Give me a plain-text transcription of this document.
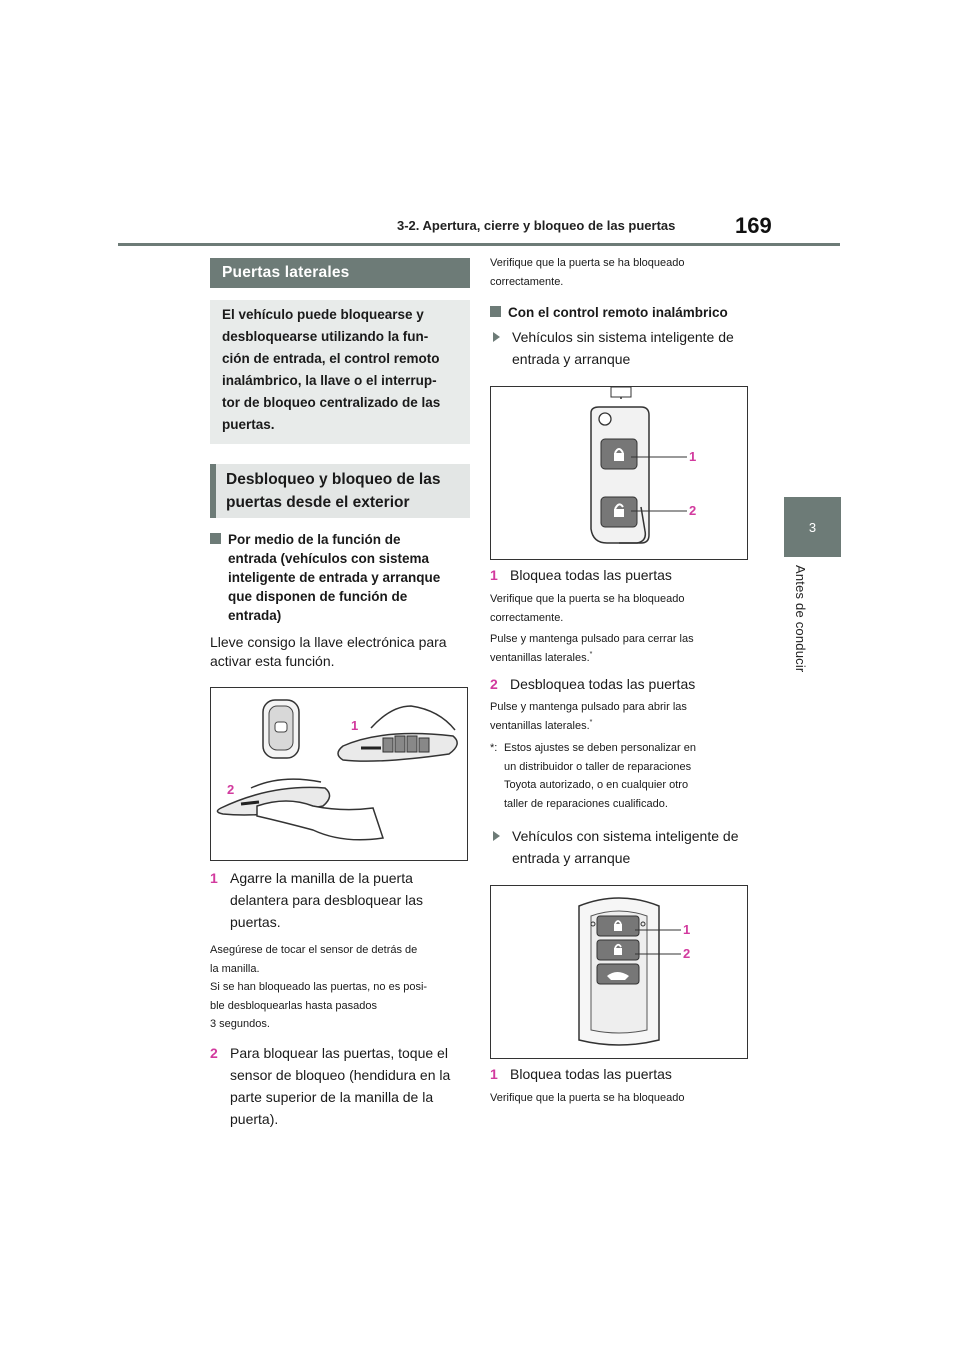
3-2. Apertura, cierre y bloqueo de las puertas	169
3
Antes de conducir
Puertas laterales
El vehículo puede bloquearse y
desbloquearse utilizando la fun-
ción de entrada, el control remoto
inalámbrico, la llave o el interrup-
tor de bloqueo centralizado de las
puertas.
Desbloqueo y bloqueo de las
puertas desde el exterior
Por medio de la función de
entrada (vehículos con sistema
inteligente de entrada y arranque
que disponen de función de
entrada)
Lleve consigo la llave electrónica para
activar esta función.
1
2
1 Agarre la manilla de la puerta
delantera para desbloquear las
puertas.
Asegúrese de tocar el sensor de detrás de
la manilla.
Si se han bloqueado las puertas, no es posi-
ble desbloquearlas hasta pasados
3 segundos.
2 Para bloquear las puertas, toque el
sensor de bloqueo (hendidura en la
parte superior de la manilla de la
puerta).
Verifique que la puerta se ha bloqueado
correctamente.
Con el control remoto inalámbrico
Vehículos sin sistema inteligente de
entrada y arranque
1
2
1 Bloquea todas las puertas
Verifique que la puerta se ha bloqueado
correctamente.
Pulse y mantenga pulsado para cerrar las
ventanillas laterales.*
2 Desbloquea todas las puertas
Pulse y mantenga pulsado para abrir las
ventanillas laterales.*
*: Estos ajustes se deben personalizar en
un distribuidor o taller de reparaciones
Toyota autorizado, o en cualquier otro
taller de reparaciones cualificado.
Vehículos con sistema inteligente de
entrada y arranque
1
2
1 Bloquea todas las puertas
Verifique que la puerta se ha bloqueado
